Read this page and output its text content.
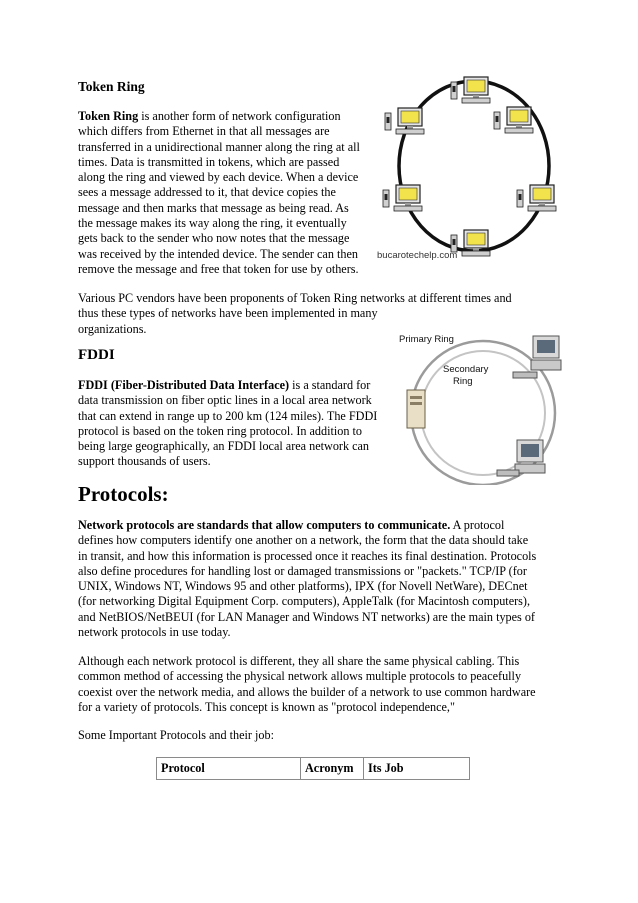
Token Ring

Token Ring is another form of network configuration
which differs from Ethernet in that all messages are
transferred in a unidirectional manner along the ring at all
times. Data is transmitted in tokens, which are passed
along the ring and viewed by each device. When a device
sees a message addressed to it, that device copies the
message and then marks that message as being read. As
the message makes its way along the ring, it eventually
gets back to the sender who now notes that the message
was received by the intended device. The sender can then
remove the message and free that token for use by others.

bucarotechelp.com

Various PC vendors have been proponents of Token Ring networks at different times and
thus these types of networks have been implemented in many
organizations.

FDDI

FDDI (Fiber-Distributed Data Interface) is a standard for
data transmission on fiber optic lines in a local area network
that can extend in range up to 200 km (124 miles). The FDDI
protocol is based on the token ring protocol. In addition to
being large geographically, an FDDI local area network can
support thousands of users.

Primary Ring
Secondary
Ring
Protocols:

Network protocols are standards that allow computers to communicate. A protocol
defines how computers identify one another on a network, the form that the data should take
in transit, and how this information is processed once it reaches its final destination. Protocols
also define procedures for handling lost or damaged transmissions or "packets." TCP/IP (for
UNIX, Windows NT, Windows 95 and other platforms), IPX (for Novell NetWare), DECnet
(for networking Digital Equipment Corp. computers), AppleTalk (for Macintosh computers),
and NetBIOS/NetBEUI (for LAN Manager and Windows NT networks) are the main types of
network protocols in use today.

Although each network protocol is different, they all share the same physical cabling. This
common method of accessing the physical network allows multiple protocols to peacefully
coexist over the network media, and allows the builder of a network to use common hardware
for a variety of protocols. This concept is known as "protocol independence,"

Some Important Protocols and their job:

Protocol	Acronym	Its Job
